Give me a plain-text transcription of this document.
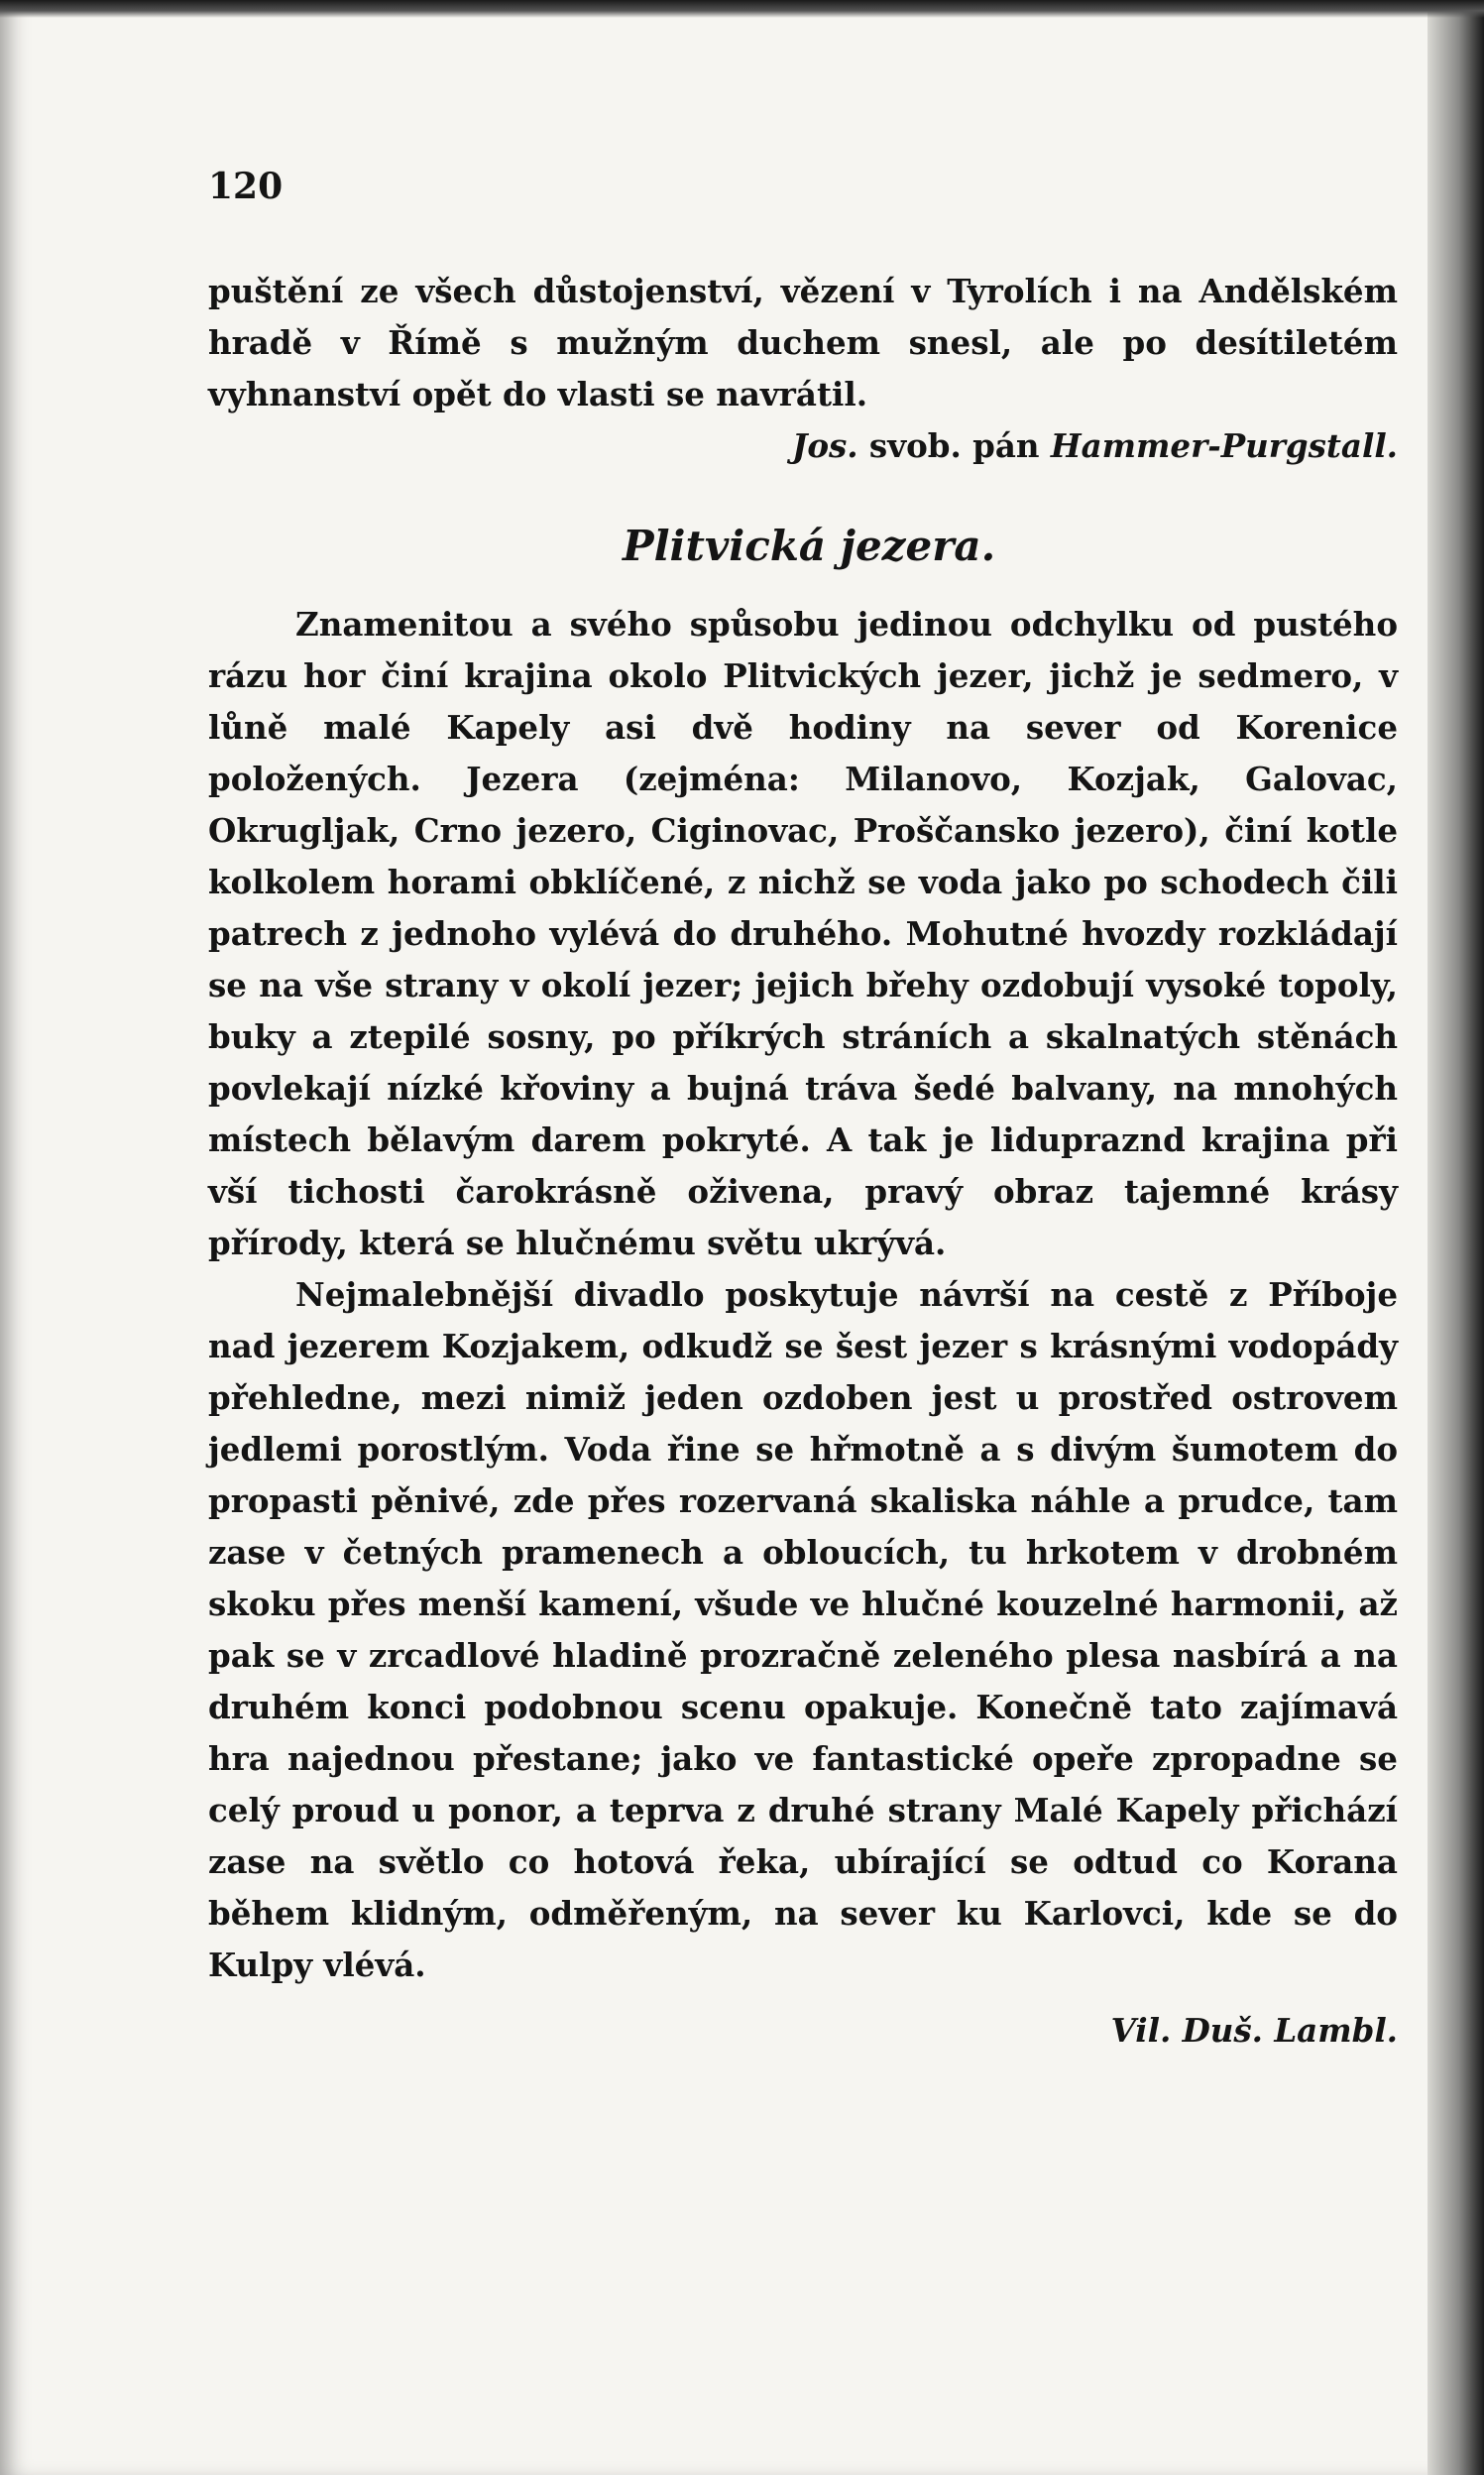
120

puštění ze všech důstojenství, vězení v Tyrolích i na Andělském hradě v Římě s mužným duchem snesl, ale po desítiletém vyhnanství opět do vlasti se navrátil.

Jos. svob. pán Hammer-Purgstall.

Plitvická jezera.

Znamenitou a svého spůsobu jedinou odchylku od pustého rázu hor činí krajina okolo Plitvických jezer, jichž je sedmero, v lůně malé Kapely asi dvě hodiny na sever od Korenice položených. Jezera (zejména: Milanovo, Kozjak, Galovac, Okrugljak, Crno jezero, Ciginovac, Proščansko jezero), činí kotle kolkolem horami obklíčené, z nichž se voda jako po schodech čili patrech z jednoho vylévá do druhého. Mohutné hvozdy rozkládají se na vše strany v okolí jezer; jejich břehy ozdobují vysoké topoly, buky a ztepilé sosny, po příkrých stráních a skalnatých stěnách povlekají nízké křoviny a bujná tráva šedé balvany, na mnohých místech bělavým darem pokryté. A tak je lidupraznd krajina při vší tichosti čarokrásně oživena, pravý obraz tajemné krásy přírody, která se hlučnému světu ukrývá.

Nejmalebnější divadlo poskytuje návrší na cestě z Příboje nad jezerem Kozjakem, odkudž se šest jezer s krásnými vodopády přehledne, mezi nimiž jeden ozdoben jest u prostřed ostrovem jedlemi porostlým. Voda řine se hřmotně a s divým šumotem do propasti pěnivé, zde přes rozervaná skaliska náhle a prudce, tam zase v četných pramenech a obloucích, tu hrkotem v drobném skoku přes menší kamení, všude ve hlučné kouzelné harmonii, až pak se v zrcadlové hladině prozračně zeleného plesa nasbírá a na druhém konci podobnou scenu opakuje. Konečně tato zajímavá hra najednou přestane; jako ve fantastické opeře zpropadne se celý proud u ponor, a teprva z druhé strany Malé Kapely přichází zase na světlo co hotová řeka, ubírající se odtud co Korana během klidným, odměřeným, na sever ku Karlovci, kde se do Kulpy vlévá.

Vil. Duš. Lambl.
